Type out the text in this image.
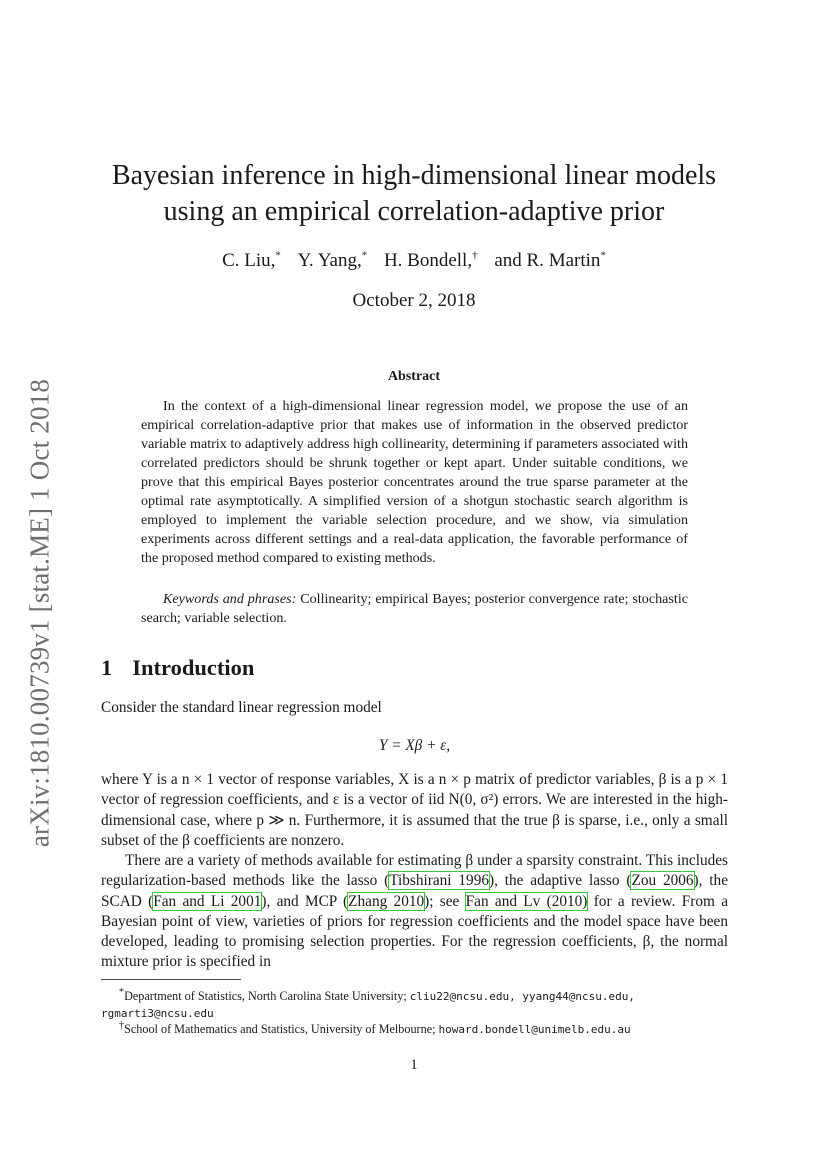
arXiv:1810.00739v1 [stat.ME] 1 Oct 2018
Bayesian inference in high-dimensional linear models
using an empirical correlation-adaptive prior
C. Liu,* Y. Yang,* H. Bondell,† and R. Martin*
October 2, 2018
Abstract

In the context of a high-dimensional linear regression model, we propose the use of an empirical correlation-adaptive prior that makes use of information in the observed predictor variable matrix to adaptively address high collinearity, determining if parameters associated with correlated predictors should be shrunk together or kept apart. Under suitable conditions, we prove that this empirical Bayes posterior concentrates around the true sparse parameter at the optimal rate asymptotically. A simplified version of a shotgun stochastic search algorithm is employed to implement the variable selection procedure, and we show, via simulation experiments across different settings and a real-data application, the favorable performance of the proposed method compared to existing methods.

Keywords and phrases: Collinearity; empirical Bayes; posterior convergence rate; stochastic search; variable selection.

1 Introduction

Consider the standard linear regression model

Y = Xβ + ε,

where Y is a n × 1 vector of response variables, X is a n × p matrix of predictor variables, β is a p × 1 vector of regression coefficients, and ε is a vector of iid N(0, σ²) errors. We are interested in the high-dimensional case, where p ≫ n. Furthermore, it is assumed that the true β is sparse, i.e., only a small subset of the β coefficients are nonzero.

There are a variety of methods available for estimating β under a sparsity constraint. This includes regularization-based methods like the lasso (Tibshirani 1996), the adaptive lasso (Zou 2006), the SCAD (Fan and Li 2001), and MCP (Zhang 2010); see Fan and Lv (2010) for a review. From a Bayesian point of view, varieties of priors for regression coefficients and the model space have been developed, leading to promising selection properties. For the regression coefficients, β, the normal mixture prior is specified in

*Department of Statistics, North Carolina State University; cliu22@ncsu.edu, yyang44@ncsu.edu, rgmarti3@ncsu.edu

†School of Mathematics and Statistics, University of Melbourne; howard.bondell@unimelb.edu.au

1
